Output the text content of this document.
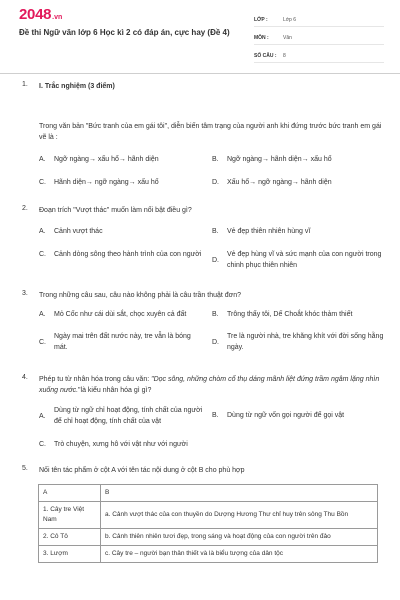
2048 .vn
Đề thi Ngữ văn lớp 6 Học kì 2 có đáp án, cực hay (Đề 4)
LỚP :	Lớp 6
MÔN :	Văn
SỐ CÂU :	8
1. I. Trắc nghiệm (3 điểm)
Trong văn bản "Bức tranh của em gái tôi", diễn biến tâm trạng của người anh khi đứng trước bức tranh em gái vẽ là :
A.	Ngỡ ngàng→ xấu hổ→ hãnh diện	B.	Ngỡ ngàng→ hãnh diện→ xấu hổ
C.	Hãnh diện→ ngỡ ngàng→ xấu hổ	D.	Xấu hổ→ ngỡ ngàng→ hãnh diện
2. Đoạn trích "Vượt thác" muốn làm nổi bật điều gì?
A.	Cảnh vượt thác	B.	Vẻ đẹp thiên nhiên hùng vĩ
C.	Cảnh dòng sông theo hành trình của con người
D.
Vẻ đẹp hùng vĩ và sức mạnh của con người trong chinh phục thiên nhiên
3. Trong những câu sau, câu nào không phải là câu trần thuật đơn?
A.	Mỏ Cốc như cái dùi sắt, chọc xuyên cả đất	B.	Trông thấy tôi, Dế Choắt khóc thảm thiết
C.
Ngày mai trên đất nước này, tre vẫn là bóng mát.
D.
Tre là người nhà, tre khăng khít với đời sống hằng ngày.
4. Phép tu từ nhân hóa trong câu văn: "Dọc sông, những chòm cổ thụ dáng mãnh liệt đứng trầm ngâm lặng nhìn xuống nước."là kiểu nhân hóa gì gì?
A.
Dùng từ ngữ chỉ hoạt động, tính chất của người để chỉ hoạt động, tính chất của vật
B.	Dùng từ ngữ vốn gọi người để gọi vật
C.	Trò chuyện, xưng hô với vật như với người
5. Nối tên tác phẩm ở cột A với tên tác nội dung ở cột B cho phù hợp
A	B
1. Cây tre Việt Nam	a. Cảnh vượt thác của con thuyền do Dượng Hương Thư chỉ huy trên sông Thu Bồn
2. Cô Tô	b. Cảnh thiên nhiên tươi đẹp, trong sáng và hoạt động của con người trên đảo
3. Lượm	c. Cây tre – người bạn thân thiết và là biểu tượng của dân tộc
